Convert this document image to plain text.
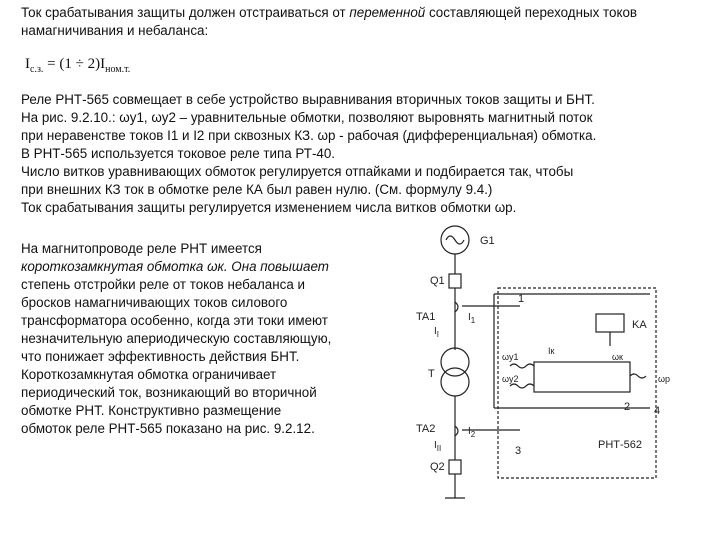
Ток срабатывания защиты должен отстраиваться от переменной составляющей переходных токов намагничивания и небаланса:
$I_{с.з.} = (1 \div 2)I_{ном.т.}$
Реле РНТ-565 совмещает в себе устройство выравнивания вторичных токов защиты и БНТ.
На рис. 9.2.10.: ωу1, ωу2 – уравнительные обмотки, позволяют выровнять магнитный поток
при неравенстве токов I1 и I2 при сквозных КЗ. ωр - рабочая (дифференциальная) обмотка.
В РНТ-565 используется токовое реле типа РТ-40.
Число витков уравнивающих обмоток регулируется отпайками и подбирается так, чтобы
при внешних КЗ ток в обмотке реле КА был равен нулю. (См. формулу 9.4.)
Ток срабатывания защиты регулируется изменением числа витков обмотки ωр.
На магнитопроводе реле РНТ имеется
короткозамкнутая обмотка ωк. Она повышает
степень отстройки реле от токов небаланса и
бросков намагничивающих токов силового
трансформатора особенно, когда эти токи имеют
незначительную апериодическую составляющую,
что понижает эффективность действия БНТ.
Короткозамкнутая обмотка ограничивает
периодический ток, возникающий во вторичной
обмотке РНТ. Конструктивно размещение
обмоток реле РНТ-565 показано на рис. 9.2.12.
G1
Q1
TA1	$I_1$
$I_I$
T
TA2	$I_2$
$I_{II}$
Q2
1
3	РНТ-562
KA
ωк
ωу1
ωу2	ωр
Iк
2 4
